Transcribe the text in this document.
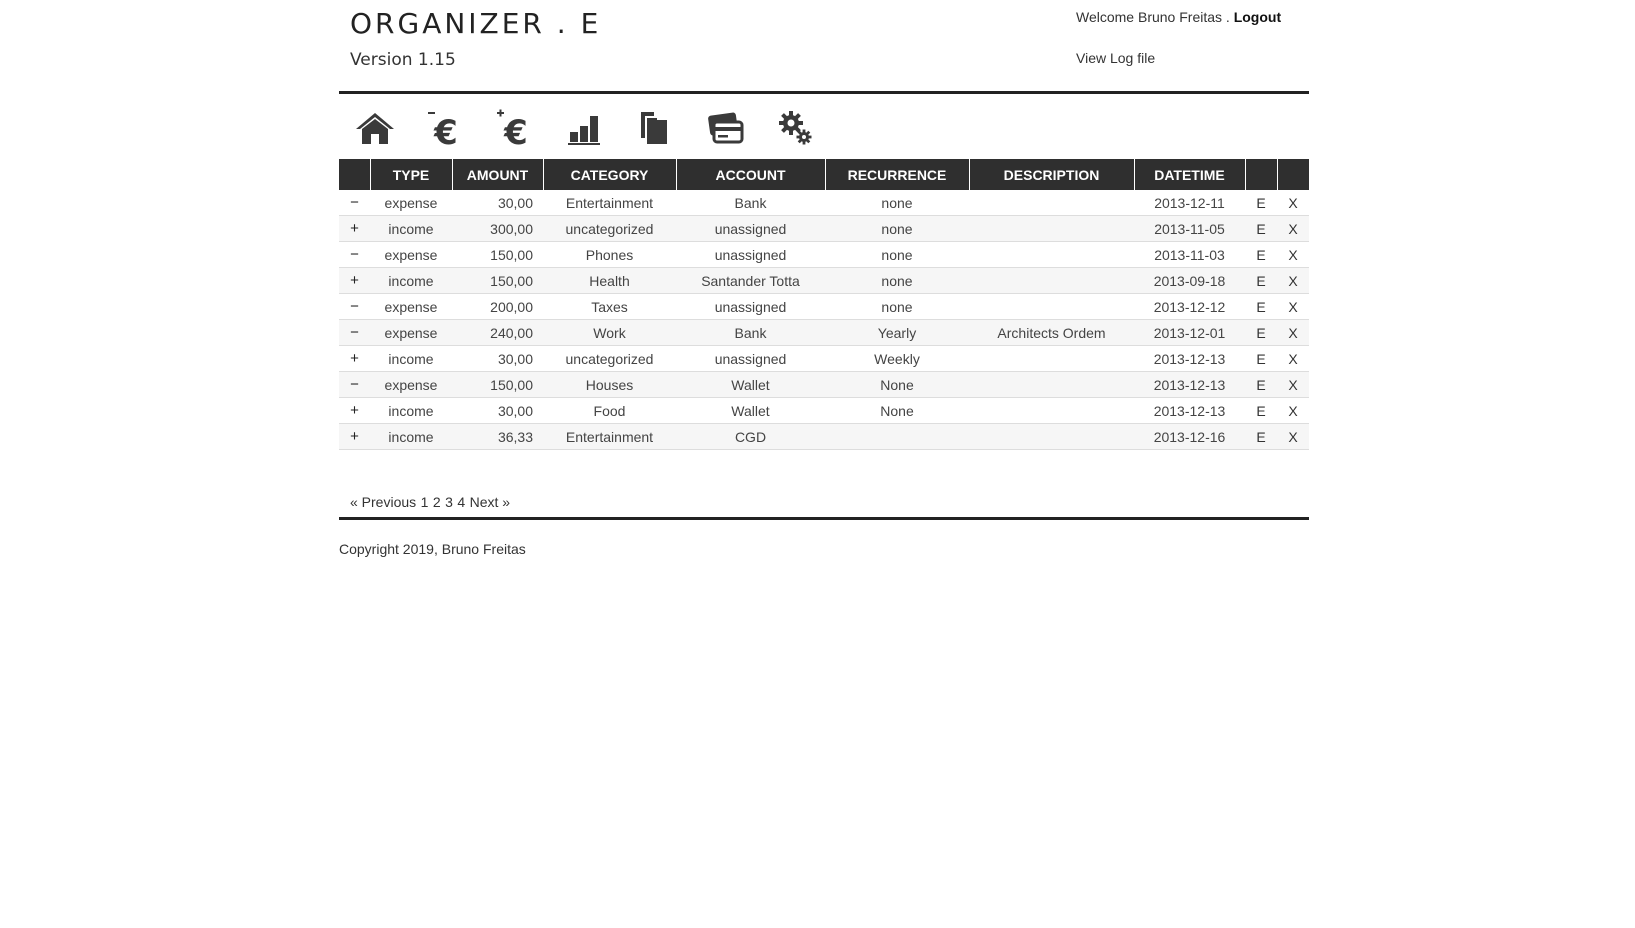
ORGANIZER . E
Version 1.15
Welcome Bruno Freitas . Logout
View Log file
€ €
	TYPE	AMOUNT	CATEGORY	ACCOUNT	RECURRENCE	DESCRIPTION	DATETIME		
−	expense	30,00	Entertainment	Bank	none		2013-12-11	E	X
+	income	300,00	uncategorized	unassigned	none		2013-11-05	E	X
−	expense	150,00	Phones	unassigned	none		2013-11-03	E	X
+	income	150,00	Health	Santander Totta	none		2013-09-18	E	X
−	expense	200,00	Taxes	unassigned	none		2013-12-12	E	X
−	expense	240,00	Work	Bank	Yearly	Architects Ordem	2013-12-01	E	X
+	income	30,00	uncategorized	unassigned	Weekly		2013-12-13	E	X
−	expense	150,00	Houses	Wallet	None		2013-12-13	E	X
+	income	30,00	Food	Wallet	None		2013-12-13	E	X
+	income	36,33	Entertainment	CGD			2013-12-16	E	X
« Previous 1 2 3 4 Next »
Copyright 2019, Bruno Freitas
